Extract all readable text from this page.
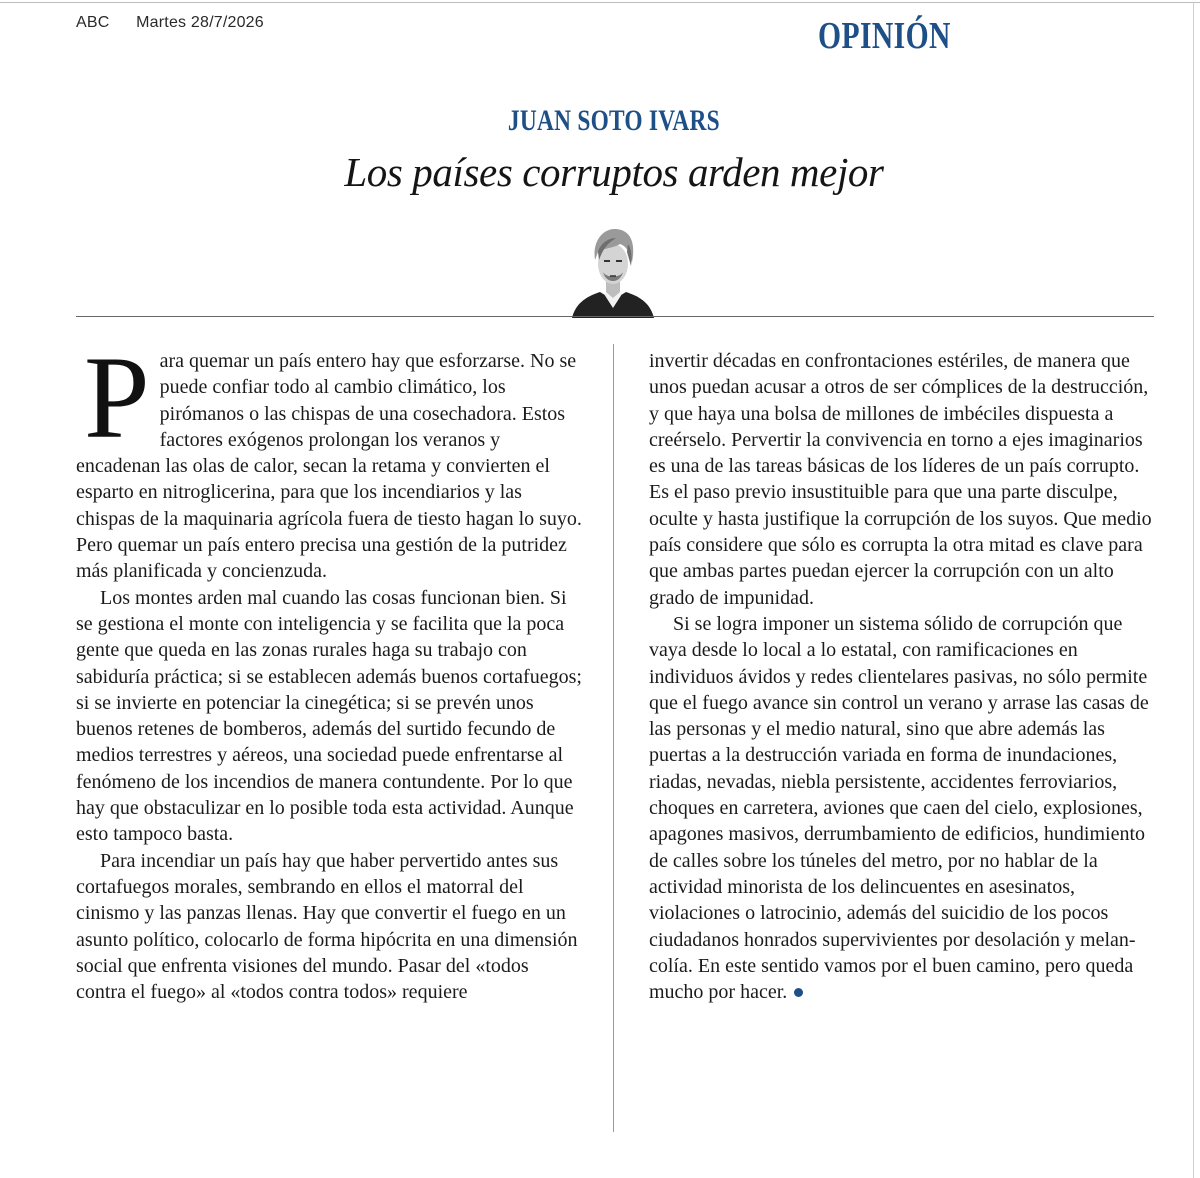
ABC Martes 28/7/2026	OPINIÓN
JUAN SOTO IVARS
Los países corruptos arden mejor

Para quemar un país entero hay que esforzarse. No se puede confiar todo al cambio climático, los pirómanos o las chispas de una cosechadora. Estos factores exógenos prolongan los veranos y encadenan las olas de calor, secan la retama y convierten el esparto en nitroglicerina, para que los incendiarios y las chispas de la maquinaria agrícola fuera de tiesto hagan lo suyo. Pero quemar un país entero precisa una gestión de la putridez más planificada y concienzuda.

Los montes arden mal cuando las cosas funcionan bien. Si se gestiona el monte con inteligencia y se facilita que la poca gente que queda en las zonas rurales haga su trabajo con sabiduría práctica; si se establecen además buenos cortafuegos; si se invierte en potenciar la cinegética; si se prevén unos buenos retenes de bomberos, además del surtido fecundo de medios terrestres y aéreos, una sociedad puede enfrentarse al fenómeno de los incendios de manera contundente. Por lo que hay que obstaculizar en lo posible toda esta actividad. Aunque esto tampoco basta.

Para incendiar un país hay que haber pervertido antes sus cortafuegos morales, sembrando en ellos el matorral del cinismo y las panzas llenas. Hay que convertir el fuego en un asunto político, colocarlo de forma hipócrita en una dimensión social que enfrenta visiones del mundo. Pasar del «todos contra el fuego» al «todos contra todos» requiere

invertir décadas en confrontaciones estériles, de manera que unos puedan acusar a otros de ser cómplices de la destrucción, y que haya una bolsa de millones de imbéciles dispuesta a creérselo. Pervertir la convivencia en torno a ejes imaginarios es una de las tareas básicas de los líderes de un país corrupto. Es el paso previo insustituible para que una parte disculpe, oculte y hasta justifique la corrupción de los suyos. Que medio país considere que sólo es corrupta la otra mitad es clave para que ambas partes puedan ejercer la corrupción con un alto grado de impunidad.

Si se logra imponer un sistema sólido de corrupción que vaya desde lo local a lo estatal, con ramificaciones en individuos ávidos y redes clientelares pasivas, no sólo permite que el fuego avance sin control un verano y arrase las casas de las personas y el medio natural, sino que abre además las puertas a la destrucción variada en forma de inundaciones, riadas, nevadas, niebla persistente, accidentes ferroviarios, choques en carretera, aviones que caen del cielo, explosiones, apagones masivos, derrumbamiento de edificios, hundimiento de calles sobre los túneles del metro, por no hablar de la actividad minorista de los delincuentes en asesinatos, violaciones o latrocinio, además del suicidio de los pocos ciudadanos honrados supervivientes por desolación y melancolía. En este sentido vamos por el buen camino, pero queda mucho por hacer.
